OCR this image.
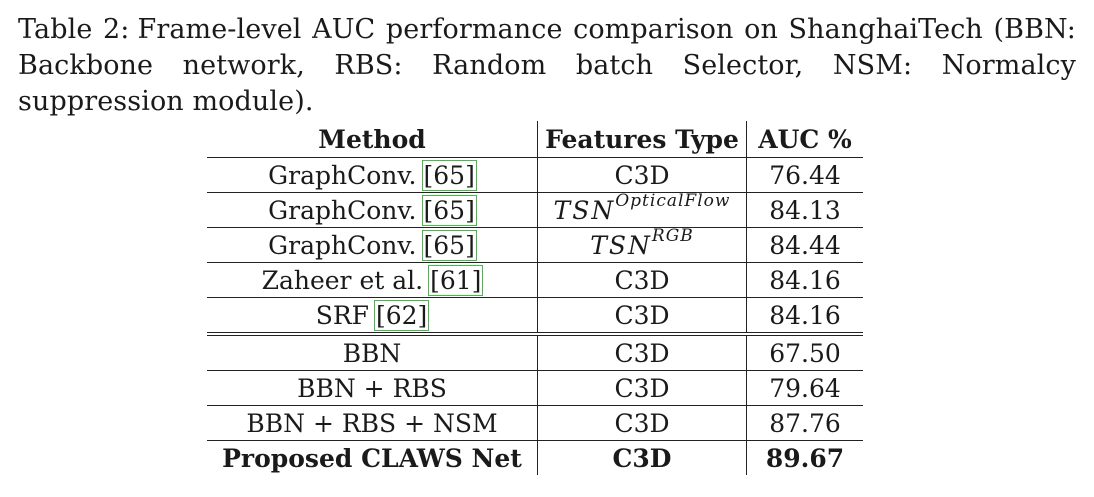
Table 2: Frame-level AUC performance comparison on ShanghaiTech (BBN: Backbone network, RBS: Random batch Selector, NSM: Normalcy suppression module).
Method	Features Type	AUC %
GraphConv. [65]	C3D	76.44
GraphConv. [65]	$TSN^{OpticalFlow}$	84.13
GraphConv. [65]	$TSN^{RGB}$	84.44
Zaheer et al. [61]	C3D	84.16
SRF [62]	C3D	84.16
BBN	C3D	67.50
BBN + RBS	C3D	79.64
BBN + RBS + NSM	C3D	87.76
Proposed CLAWS Net	C3D	89.67
